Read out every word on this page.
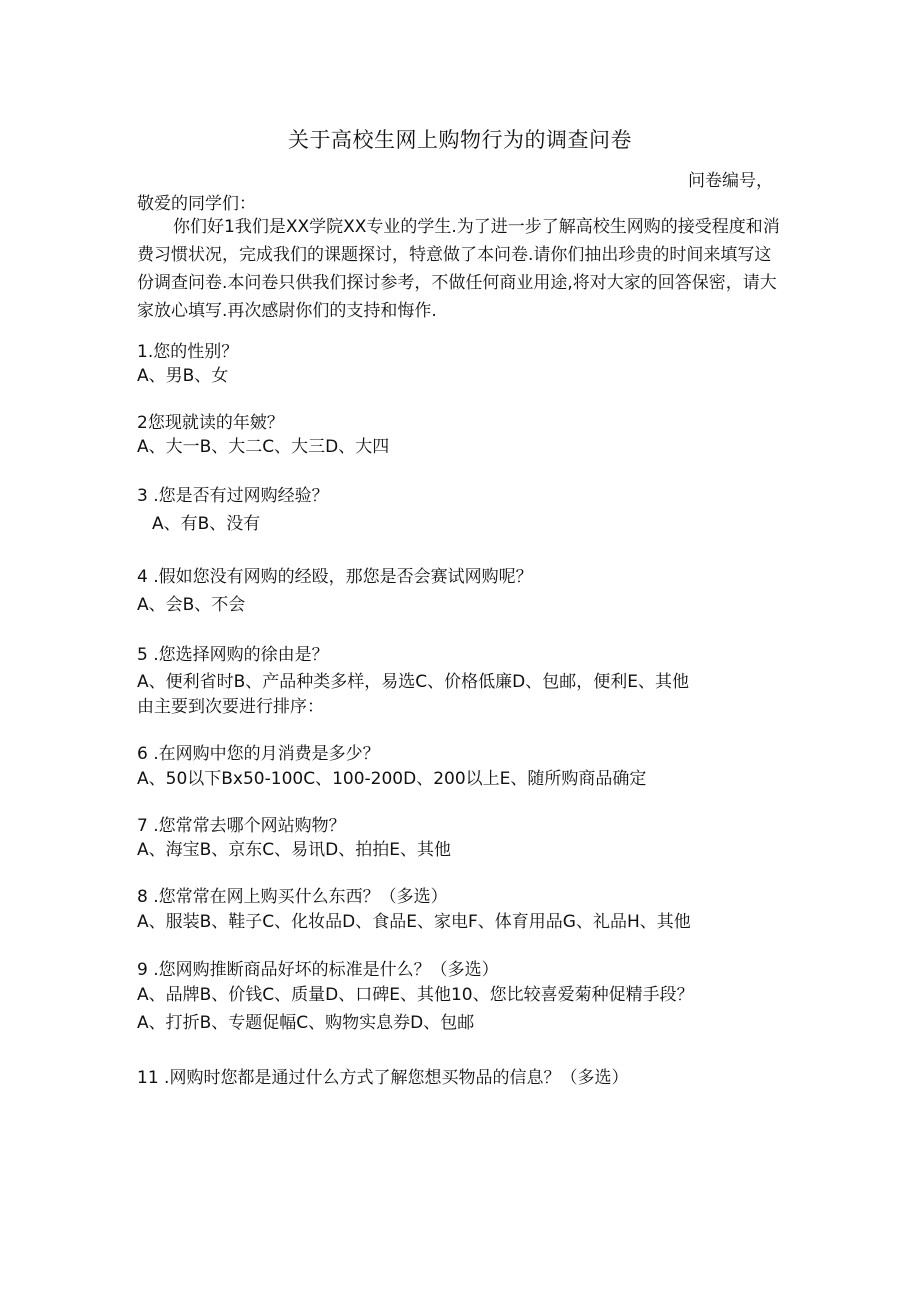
关于高校生网上购物行为的调查问卷
问卷编号，
敬爱的同学们：
你们好1我们是XX学院XX专业的学生.为了进一步了解高校生网购的接受程度和消费习惯状况，完成我们的课题探讨，特意做了本问卷.请你们抽出珍贵的时间来填写这份调查问卷.本问卷只供我们探讨参考，不做任何商业用途,将对大家的回答保密，请大家放心填写.再次感尉你们的支持和悔作.
1.您的性别？
A、男B、女
2您现就读的年皴？
A、大一B、大二C、大三D、大四
3 .您是否有过网购经验？
A、有B、没有
4 .假如您没有网购的经殴，那您是否会赛试网购呢？
A、会B、不会
5 .您选择网购的徐由是？
A、便利省时B、产品种类多样，易选C、价格低廉D、包邮，便利E、其他
由主要到次要进行排序：
6 .在网购中您的月消费是多少？
A、50以下Bx50-100C、100-200D、200以上E、随所购商品确定
7 .您常常去哪个网站购物？
A、海宝B、京东C、易讯D、拍拍E、其他
8 .您常常在网上购买什么东西？（多选）
A、服装B、鞋子C、化妆品D、食品E、家电F、体育用品G、礼品H、其他
9 .您网购推断商品好坏的标准是什么？（多选）
A、品牌B、价钱C、质量D、口碑E、其他10、您比较喜爱菊种促精手段？
A、打折B、专题促幅C、购物实息券D、包邮
11 .网购时您都是通过什么方式了解您想买物品的信息？（多选）
